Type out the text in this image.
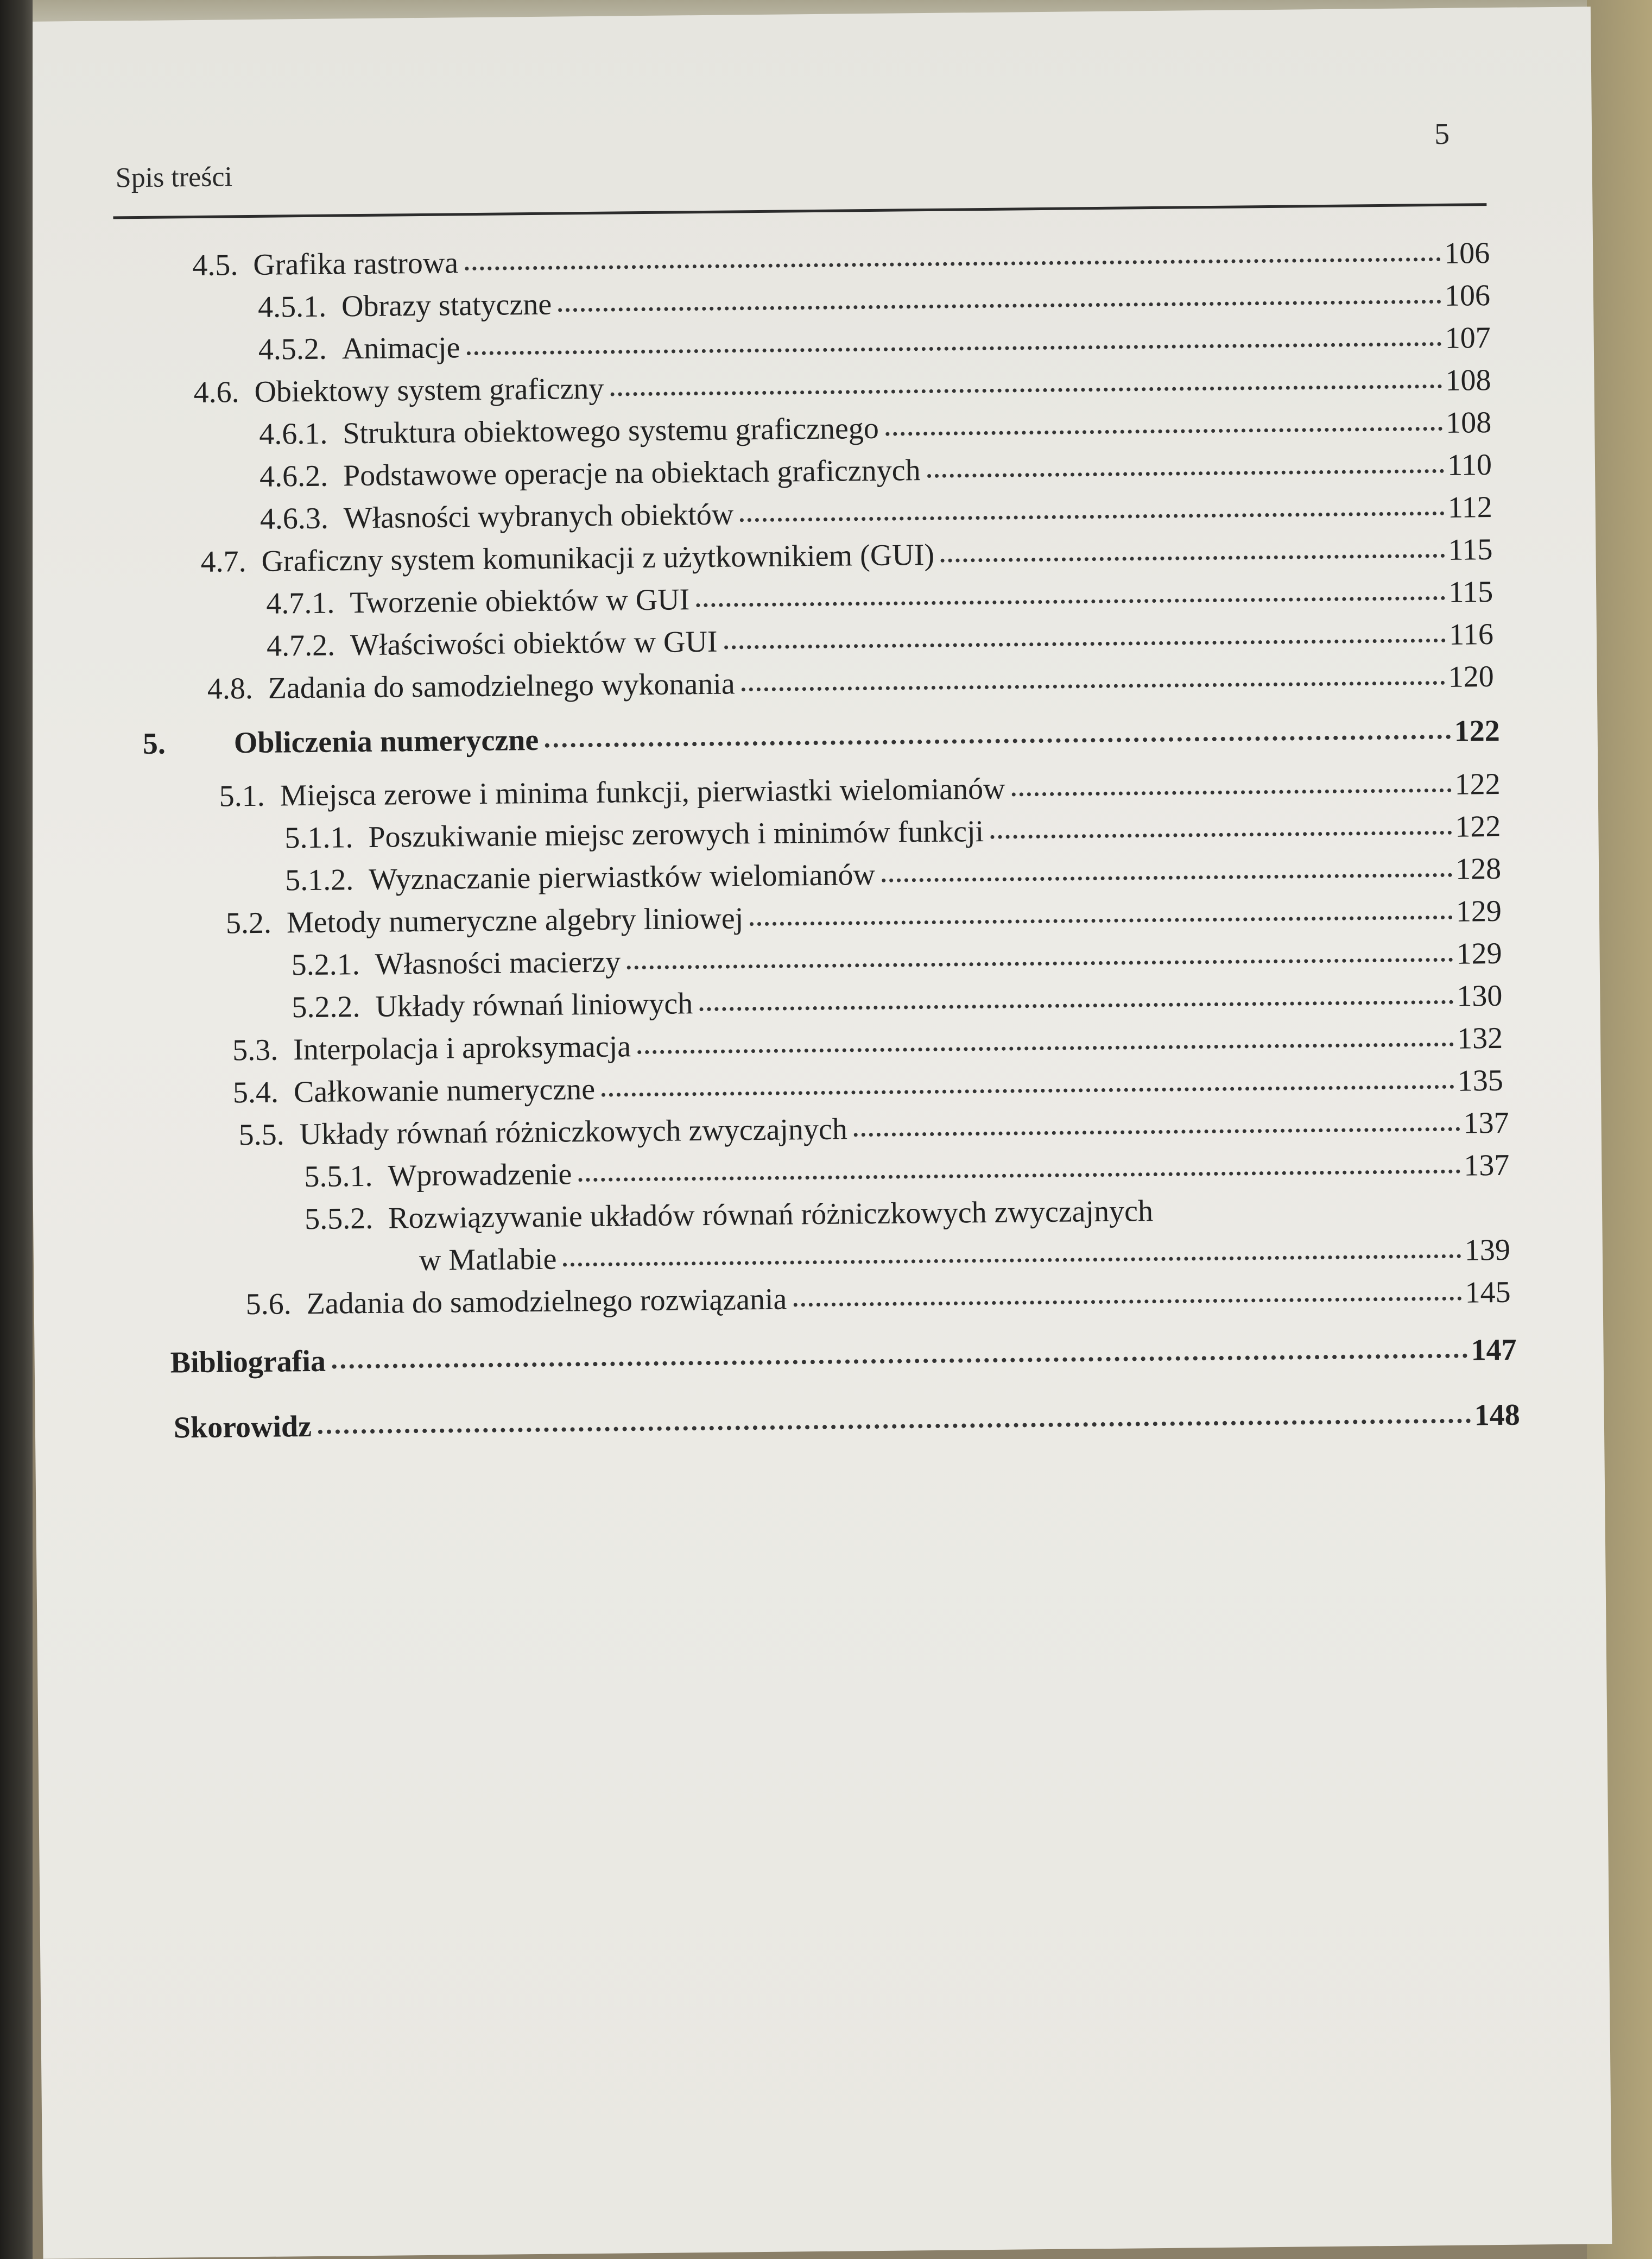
Spis treści
5
4.5. Grafika rastrowa	106
4.5.1. Obrazy statyczne	106
4.5.2. Animacje	107
4.6. Obiektowy system graficzny	108
4.6.1. Struktura obiektowego systemu graficznego	108
4.6.2. Podstawowe operacje na obiektach graficznych	110
4.6.3. Własności wybranych obiektów	112
4.7. Graficzny system komunikacji z użytkownikiem (GUI)	115
4.7.1. Tworzenie obiektów w GUI	115
4.7.2. Właściwości obiektów w GUI	116
4.8. Zadania do samodzielnego wykonania	120
5.	Obliczenia numeryczne	122
5.1. Miejsca zerowe i minima funkcji, pierwiastki wielomianów	122
5.1.1. Poszukiwanie miejsc zerowych i minimów funkcji	122
5.1.2. Wyznaczanie pierwiastków wielomianów	128
5.2. Metody numeryczne algebry liniowej	129
5.2.1. Własności macierzy	129
5.2.2. Układy równań liniowych	130
5.3. Interpolacja i aproksymacja	132
5.4. Całkowanie numeryczne	135
5.5. Układy równań różniczkowych zwyczajnych	137
5.5.1. Wprowadzenie	137
5.5.2. Rozwiązywanie układów równań różniczkowych zwyczajnych
w Matlabie	139
5.6. Zadania do samodzielnego rozwiązania	145
Bibliografia	147
Skorowidz	148
